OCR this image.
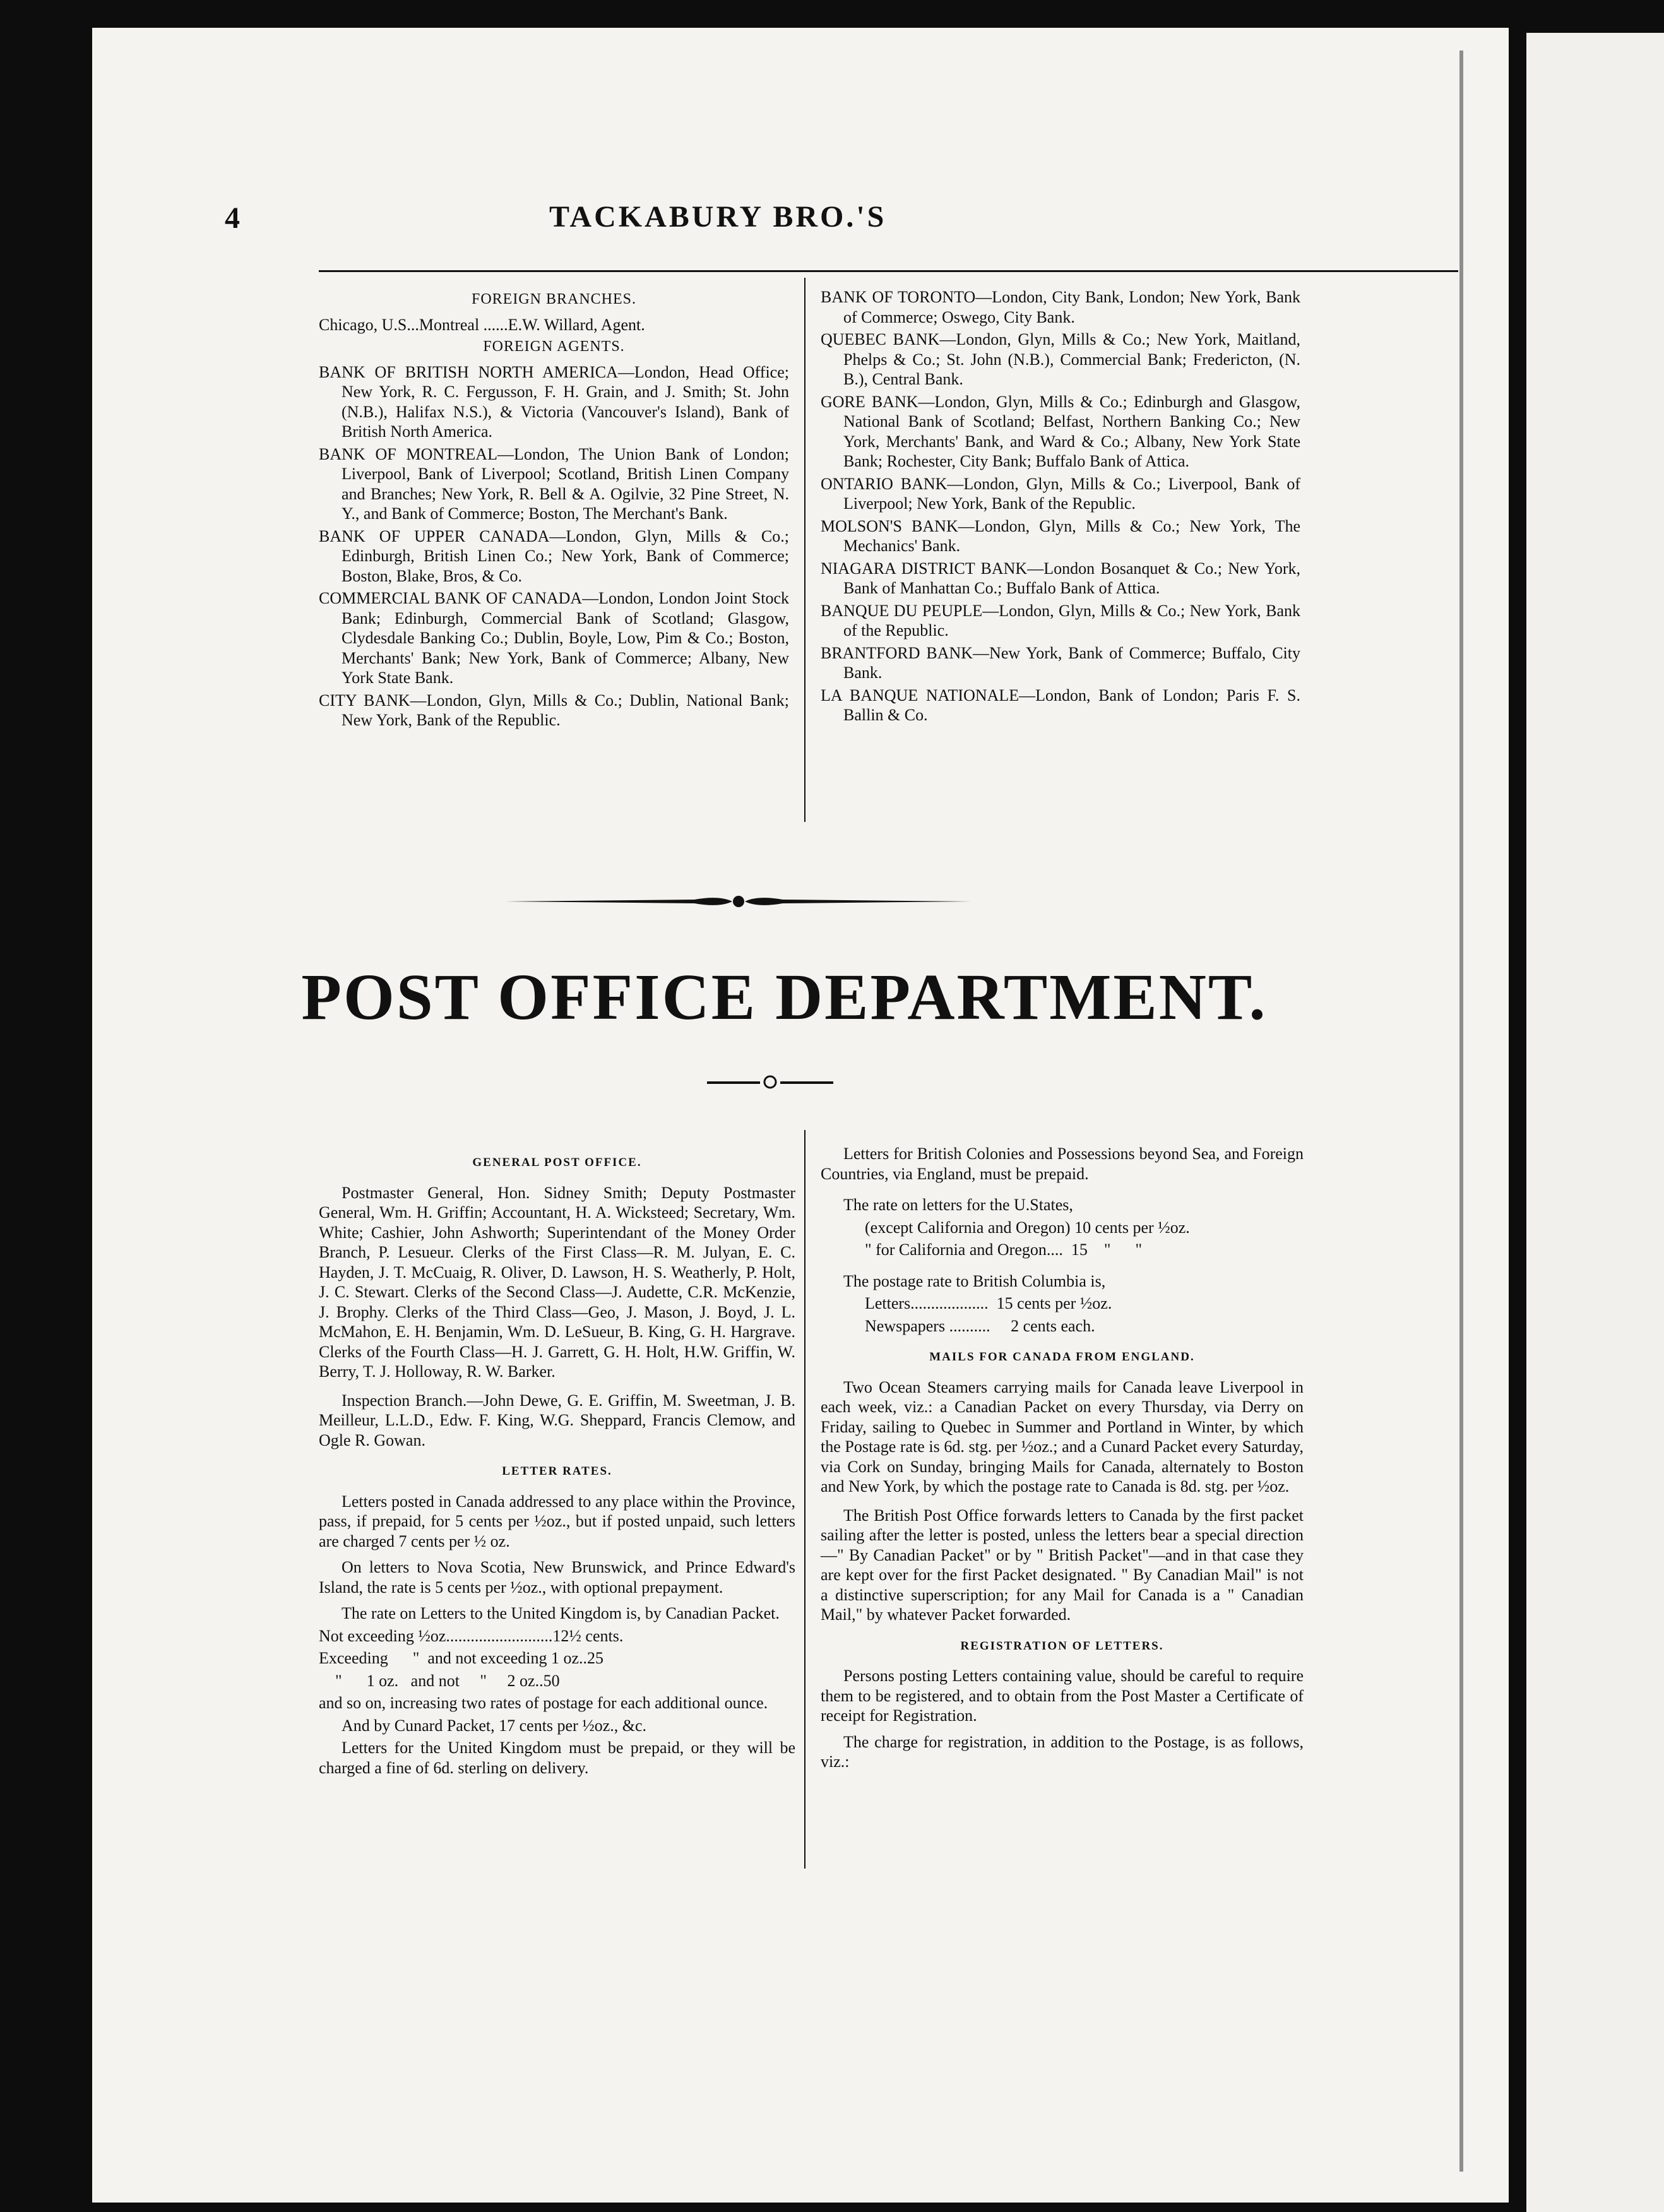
4	TACKABURY BRO.'S

FOREIGN BRANCHES.

Chicago, U.S...Montreal ......E.W. Willard, Agent.

FOREIGN AGENTS.

BANK OF BRITISH NORTH AMERICA—London, Head Office; New York, R. C. Fergusson, F. H. Grain, and J. Smith; St. John (N.B.), Halifax N.S.), & Victoria (Vancouver's Island), Bank of British North America.

BANK OF MONTREAL—London, The Union Bank of London; Liverpool, Bank of Liverpool; Scotland, British Linen Company and Branches; New York, R. Bell & A. Ogilvie, 32 Pine Street, N. Y., and Bank of Commerce; Boston, The Merchant's Bank.

BANK OF UPPER CANADA—London, Glyn, Mills & Co.; Edinburgh, British Linen Co.; New York, Bank of Commerce; Boston, Blake, Bros, & Co.

COMMERCIAL BANK OF CANADA—London, London Joint Stock Bank; Edinburgh, Commercial Bank of Scotland; Glasgow, Clydesdale Banking Co.; Dublin, Boyle, Low, Pim & Co.; Boston, Merchants' Bank; New York, Bank of Commerce; Albany, New York State Bank.

CITY BANK—London, Glyn, Mills & Co.; Dublin, National Bank; New York, Bank of the Republic.

BANK OF TORONTO—London, City Bank, London; New York, Bank of Commerce; Oswego, City Bank.

QUEBEC BANK—London, Glyn, Mills & Co.; New York, Maitland, Phelps & Co.; St. John (N.B.), Commercial Bank; Fredericton, (N. B.), Central Bank.

GORE BANK—London, Glyn, Mills & Co.; Edinburgh and Glasgow, National Bank of Scotland; Belfast, Northern Banking Co.; New York, Merchants' Bank, and Ward & Co.; Albany, New York State Bank; Rochester, City Bank; Buffalo Bank of Attica.

ONTARIO BANK—London, Glyn, Mills & Co.; Liverpool, Bank of Liverpool; New York, Bank of the Republic.

MOLSON'S BANK—London, Glyn, Mills & Co.; New York, The Mechanics' Bank.

NIAGARA DISTRICT BANK—London Bosanquet & Co.; New York, Bank of Manhattan Co.; Buffalo Bank of Attica.

BANQUE DU PEUPLE—London, Glyn, Mills & Co.; New York, Bank of the Republic.

BRANTFORD BANK—New York, Bank of Commerce; Buffalo, City Bank.

LA BANQUE NATIONALE—London, Bank of London; Paris F. S. Ballin & Co.

POST OFFICE DEPARTMENT.

GENERAL POST OFFICE.

Postmaster General, Hon. Sidney Smith; Deputy Postmaster General, Wm. H. Griffin; Accountant, H. A. Wicksteed; Secretary, Wm. White; Cashier, John Ashworth; Superintendant of the Money Order Branch, P. Lesueur. Clerks of the First Class—R. M. Julyan, E. C. Hayden, J. T. McCuaig, R. Oliver, D. Lawson, H. S. Weatherly, P. Holt, J. C. Stewart. Clerks of the Second Class—J. Audette, C.R. McKenzie, J. Brophy. Clerks of the Third Class—Geo, J. Mason, J. Boyd, J. L. McMahon, E. H. Benjamin, Wm. D. LeSueur, B. King, G. H. Hargrave. Clerks of the Fourth Class—H. J. Garrett, G. H. Holt, H.W. Griffin, W. Berry, T. J. Holloway, R. W. Barker.

Inspection Branch.—John Dewe, G. E. Griffin, M. Sweetman, J. B. Meilleur, L.L.D., Edw. F. King, W.G. Sheppard, Francis Clemow, and Ogle R. Gowan.

LETTER RATES.

Letters posted in Canada addressed to any place within the Province, pass, if prepaid, for 5 cents per ½oz., but if posted unpaid, such letters are charged 7 cents per ½ oz.

On letters to Nova Scotia, New Brunswick, and Prince Edward's Island, the rate is 5 cents per ½oz., with optional prepayment.

The rate on Letters to the United Kingdom is, by Canadian Packet.

Not exceeding ½oz..........................12½ cents.

Exceeding      "  and not exceeding 1 oz..25

"      1 oz.   and not     "     2 oz..50

and so on, increasing two rates of postage for each additional ounce.

And by Cunard Packet, 17 cents per ½oz., &c.

Letters for the United Kingdom must be prepaid, or they will be charged a fine of 6d. sterling on delivery.

Letters for British Colonies and Possessions beyond Sea, and Foreign Countries, via England, must be prepaid.

The rate on letters for the U.States,

(except California and Oregon) 10 cents per ½oz.

" for California and Oregon....  15    "      "

The postage rate to British Columbia is,

Letters...................  15 cents per ½oz.

Newspapers ..........     2 cents each.

MAILS FOR CANADA FROM ENGLAND.

Two Ocean Steamers carrying mails for Canada leave Liverpool in each week, viz.: a Canadian Packet on every Thursday, via Derry on Friday, sailing to Quebec in Summer and Portland in Winter, by which the Postage rate is 6d. stg. per ½oz.; and a Cunard Packet every Saturday, via Cork on Sunday, bringing Mails for Canada, alternately to Boston and New York, by which the postage rate to Canada is 8d. stg. per ½oz.

The British Post Office forwards letters to Canada by the first packet sailing after the letter is posted, unless the letters bear a special direction—" By Canadian Packet" or by " British Packet"—and in that case they are kept over for the first Packet designated. " By Canadian Mail" is not a distinctive superscription; for any Mail for Canada is a " Canadian Mail," by whatever Packet forwarded.

REGISTRATION OF LETTERS.

Persons posting Letters containing value, should be careful to require them to be registered, and to obtain from the Post Master a Certificate of receipt for Registration.

The charge for registration, in addition to the Postage, is as follows, viz.:
